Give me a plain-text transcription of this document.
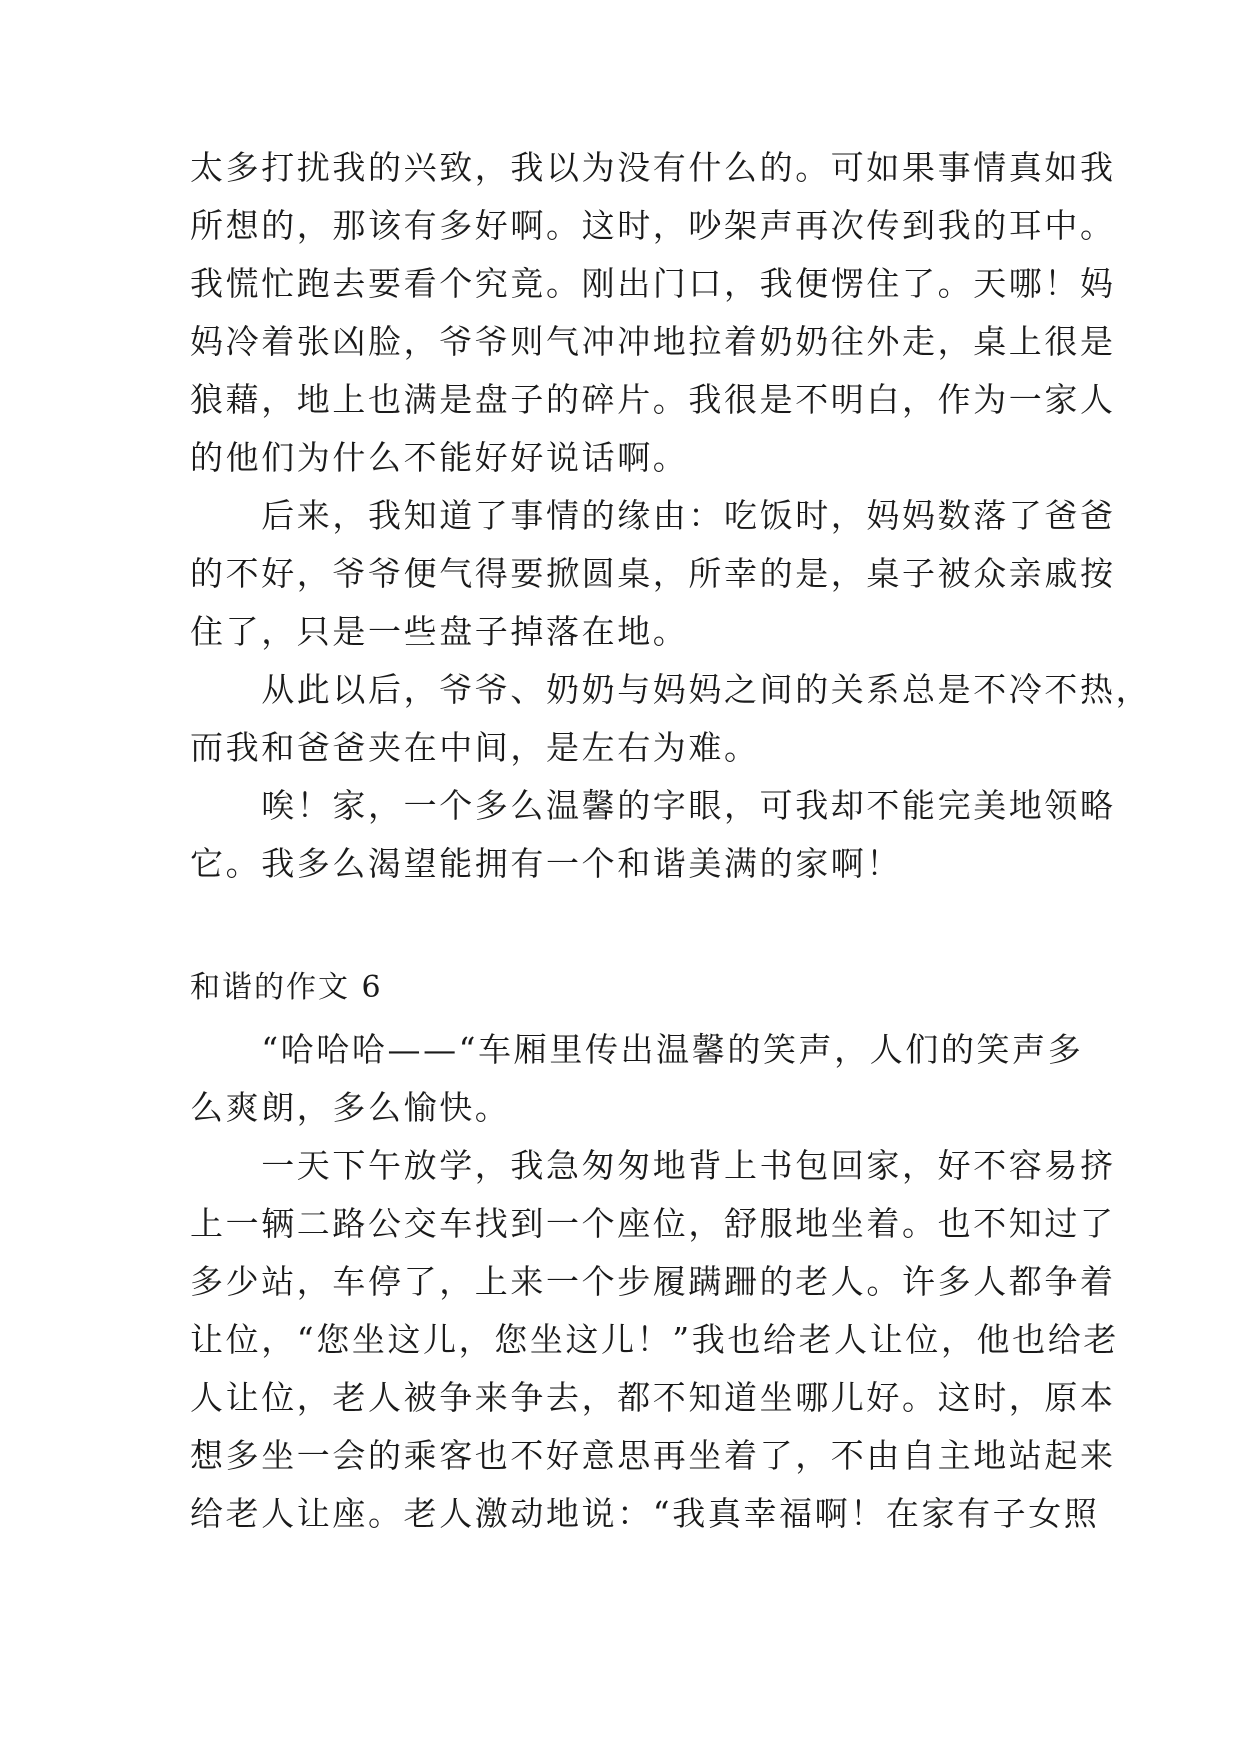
太多打扰我的兴致，我以为没有什么的。可如果事情真如我
所想的，那该有多好啊。这时，吵架声再次传到我的耳中。
我慌忙跑去要看个究竟。刚出门口，我便愣住了。天哪！妈
妈冷着张凶脸，爷爷则气冲冲地拉着奶奶往外走，桌上很是
狼藉，地上也满是盘子的碎片。我很是不明白，作为一家人
的他们为什么不能好好说话啊。
　　后来，我知道了事情的缘由：吃饭时，妈妈数落了爸爸
的不好，爷爷便气得要掀圆桌，所幸的是，桌子被众亲戚按
住了，只是一些盘子掉落在地。
　　从此以后，爷爷、奶奶与妈妈之间的关系总是不冷不热，
而我和爸爸夹在中间，是左右为难。
　　唉！家，一个多么温馨的字眼，可我却不能完美地领略
它。我多么渴望能拥有一个和谐美满的家啊！
和谐的作文 6
　　“哈哈哈——“车厢里传出温馨的笑声，人们的笑声多
么爽朗，多么愉快。
　　一天下午放学，我急匆匆地背上书包回家，好不容易挤
上一辆二路公交车找到一个座位，舒服地坐着。也不知过了
多少站，车停了，上来一个步履蹒跚的老人。许多人都争着
让位，“您坐这儿，您坐这儿！”我也给老人让位，他也给老
人让位，老人被争来争去，都不知道坐哪儿好。这时，原本
想多坐一会的乘客也不好意思再坐着了，不由自主地站起来
给老人让座。老人激动地说：“我真幸福啊！在家有子女照
